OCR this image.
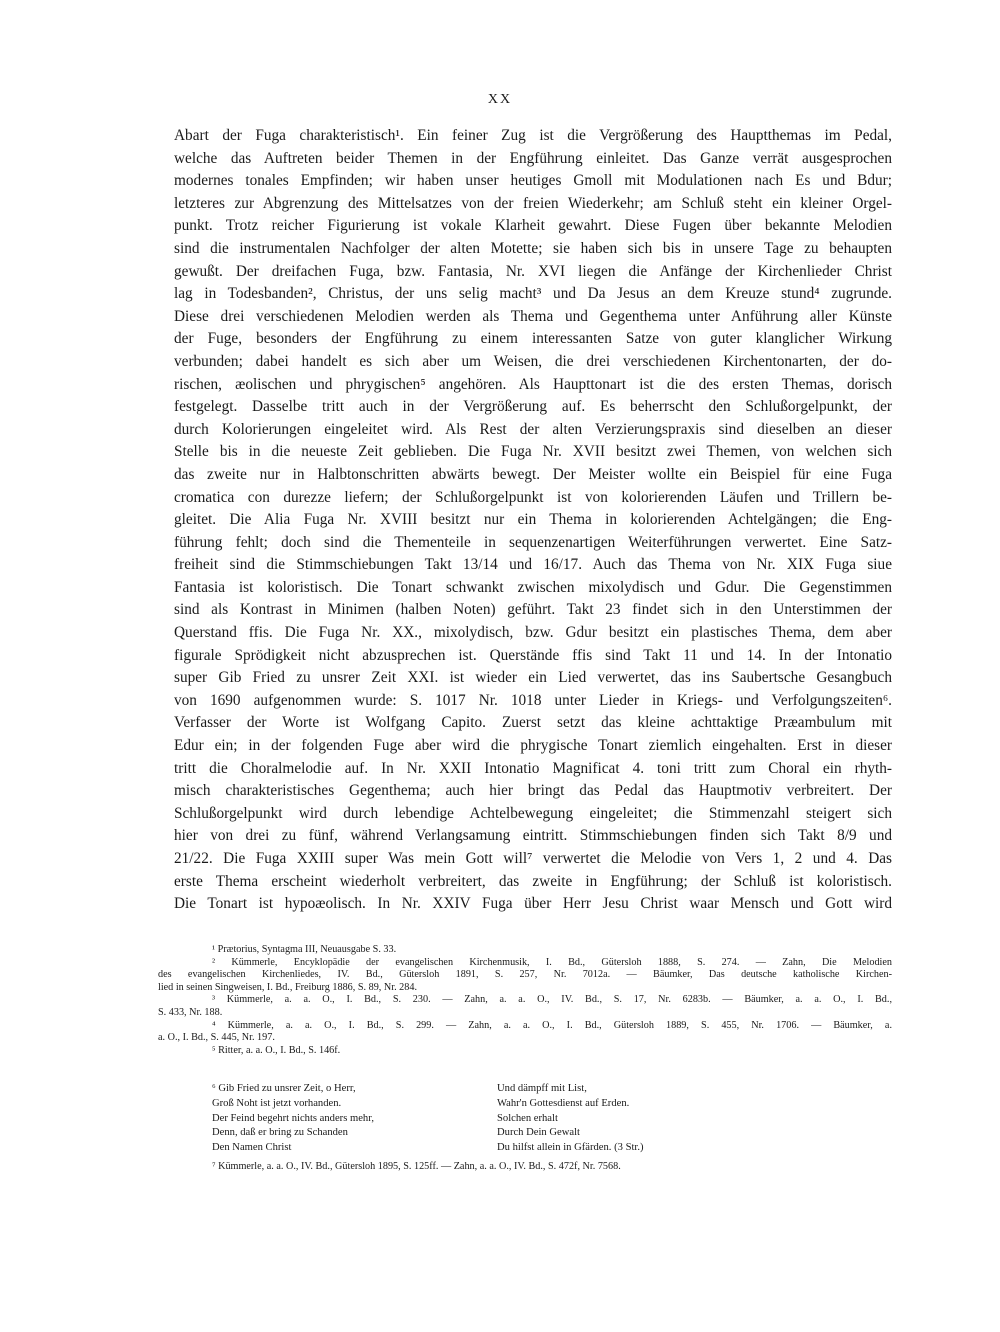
XX
Abart der Fuga charakteristisch¹. Ein feiner Zug ist die Vergrößerung des Hauptthemas im Pedal,
welche das Auftreten beider Themen in der Engführung einleitet. Das Ganze verrät ausgesprochen
modernes tonales Empfinden; wir haben unser heutiges Gmoll mit Modulationen nach Es und Bdur;
letzteres zur Abgrenzung des Mittelsatzes von der freien Wiederkehr; am Schluß steht ein kleiner Orgel-
punkt. Trotz reicher Figurierung ist vokale Klarheit gewahrt. Diese Fugen über bekannte Melodien
sind die instrumentalen Nachfolger der alten Motette; sie haben sich bis in unsere Tage zu behaupten
gewußt. Der dreifachen Fuga, bzw. Fantasia, Nr. XVI liegen die Anfänge der Kirchenlieder Christ
lag in Todesbanden², Christus, der uns selig macht³ und Da Jesus an dem Kreuze stund⁴ zugrunde.
Diese drei verschiedenen Melodien werden als Thema und Gegenthema unter Anführung aller Künste
der Fuge, besonders der Engführung zu einem interessanten Satze von guter klanglicher Wirkung
verbunden; dabei handelt es sich aber um Weisen, die drei verschiedenen Kirchentonarten, der do-
rischen, æolischen und phrygischen⁵ angehören. Als Haupttonart ist die des ersten Themas, dorisch
festgelegt. Dasselbe tritt auch in der Vergrößerung auf. Es beherrscht den Schlußorgelpunkt, der
durch Kolorierungen eingeleitet wird. Als Rest der alten Verzierungspraxis sind dieselben an dieser
Stelle bis in die neueste Zeit geblieben. Die Fuga Nr. XVII besitzt zwei Themen, von welchen sich
das zweite nur in Halbtonschritten abwärts bewegt. Der Meister wollte ein Beispiel für eine Fuga
cromatica con durezze liefern; der Schlußorgelpunkt ist von kolorierenden Läufen und Trillern be-
gleitet. Die Alia Fuga Nr. XVIII besitzt nur ein Thema in kolorierenden Achtelgängen; die Eng-
führung fehlt; doch sind die Thementeile in sequenzenartigen Weiterführungen verwertet. Eine Satz-
freiheit sind die Stimmschiebungen Takt 13/14 und 16/17. Auch das Thema von Nr. XIX Fuga siue
Fantasia ist koloristisch. Die Tonart schwankt zwischen mixolydisch und Gdur. Die Gegenstimmen
sind als Kontrast in Minimen (halben Noten) geführt. Takt 23 findet sich in den Unterstimmen der
Querstand ffis. Die Fuga Nr. XX., mixolydisch, bzw. Gdur besitzt ein plastisches Thema, dem aber
figurale Sprödigkeit nicht abzusprechen ist. Querstände ffis sind Takt 11 und 14. In der Intonatio
super Gib Fried zu unsrer Zeit XXI. ist wieder ein Lied verwertet, das ins Saubertsche Gesangbuch
von 1690 aufgenommen wurde: S. 1017 Nr. 1018 unter Lieder in Kriegs- und Verfolgungszeiten⁶.
Verfasser der Worte ist Wolfgang Capito. Zuerst setzt das kleine achttaktige Præambulum mit
Edur ein; in der folgenden Fuge aber wird die phrygische Tonart ziemlich eingehalten. Erst in dieser
tritt die Choralmelodie auf. In Nr. XXII Intonatio Magnificat 4. toni tritt zum Choral ein rhyth-
misch charakteristisches Gegenthema; auch hier bringt das Pedal das Hauptmotiv verbreitert. Der
Schlußorgelpunkt wird durch lebendige Achtelbewegung eingeleitet; die Stimmenzahl steigert sich
hier von drei zu fünf, während Verlangsamung eintritt. Stimmschiebungen finden sich Takt 8/9 und
21/22. Die Fuga XXIII super Was mein Gott will⁷ verwertet die Melodie von Vers 1, 2 und 4. Das
erste Thema erscheint wiederholt verbreitert, das zweite in Engführung; der Schluß ist koloristisch.
Die Tonart ist hypoæolisch. In Nr. XXIV Fuga über Herr Jesu Christ waar Mensch und Gott wird
¹ Prætorius, Syntagma III, Neuausgabe S. 33.
² Kümmerle, Encyklopädie der evangelischen Kirchenmusik, I. Bd., Gütersloh 1888, S. 274. — Zahn, Die Melodien
des evangelischen Kirchenliedes, IV. Bd., Gütersloh 1891, S. 257, Nr. 7012a. — Bäumker, Das deutsche katholische Kirchen-
lied in seinen Singweisen, I. Bd., Freiburg 1886, S. 89, Nr. 284.
³ Kümmerle, a. a. O., I. Bd., S. 230. — Zahn, a. a. O., IV. Bd., S. 17, Nr. 6283b. — Bäumker, a. a. O., I. Bd.,
S. 433, Nr. 188.
⁴ Kümmerle, a. a. O., I. Bd., S. 299. — Zahn, a. a. O., I. Bd., Gütersloh 1889, S. 455, Nr. 1706. — Bäumker, a.
a. O., I. Bd., S. 445, Nr. 197.
⁵ Ritter, a. a. O., I. Bd., S. 146f.
⁶ Gib Fried zu unsrer Zeit, o Herr,
Groß Noht ist jetzt vorhanden.
Der Feind begehrt nichts anders mehr,
Denn, daß er bring zu Schanden
Den Namen Christ
Und dämpff mit List,
Wahr'n Gottesdienst auf Erden.
Solchen erhalt
Durch Dein Gewalt
Du hilfst allein in Gfärden. (3 Str.)
⁷ Kümmerle, a. a. O., IV. Bd., Gütersloh 1895, S. 125ff. — Zahn, a. a. O., IV. Bd., S. 472f, Nr. 7568.
